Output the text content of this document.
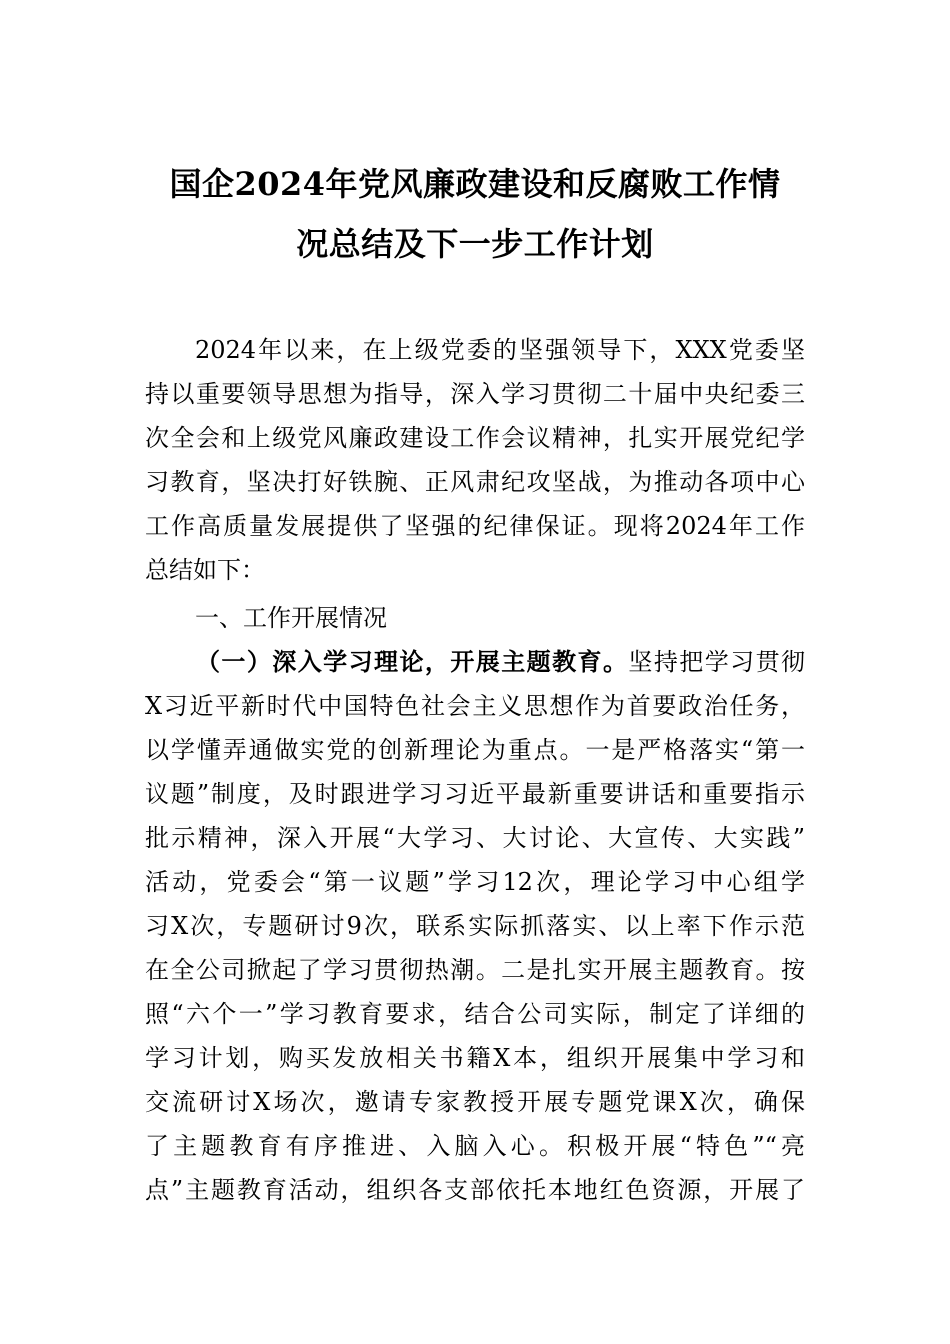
国企2024年党风廉政建设和反腐败工作情
况总结及下一步工作计划
2024年以来，在上级党委的坚强领导下，XXX党委坚
持以重要领导思想为指导，深入学习贯彻二十届中央纪委三
次全会和上级党风廉政建设工作会议精神，扎实开展党纪学
习教育，坚决打好铁腕、正风肃纪攻坚战，为推动各项中心
工作高质量发展提供了坚强的纪律保证。现将2024年工作
总结如下：
一、工作开展情况
（一）深入学习理论，开展主题教育。坚持把学习贯彻
X习近平新时代中国特色社会主义思想作为首要政治任务，
以学懂弄通做实党的创新理论为重点。一是严格落实“第一
议题”制度，及时跟进学习习近平最新重要讲话和重要指示
批示精神，深入开展“大学习、大讨论、大宣传、大实践”
活动，党委会“第一议题”学习12次，理论学习中心组学
习X次，专题研讨9次，联系实际抓落实、以上率下作示范
在全公司掀起了学习贯彻热潮。二是扎实开展主题教育。按
照“六个一”学习教育要求，结合公司实际，制定了详细的
学习计划，购买发放相关书籍X本，组织开展集中学习和
交流研讨X场次，邀请专家教授开展专题党课X次，确保
了主题教育有序推进、入脑入心。积极开展“特色”“亮
点”主题教育活动，组织各支部依托本地红色资源，开展了
